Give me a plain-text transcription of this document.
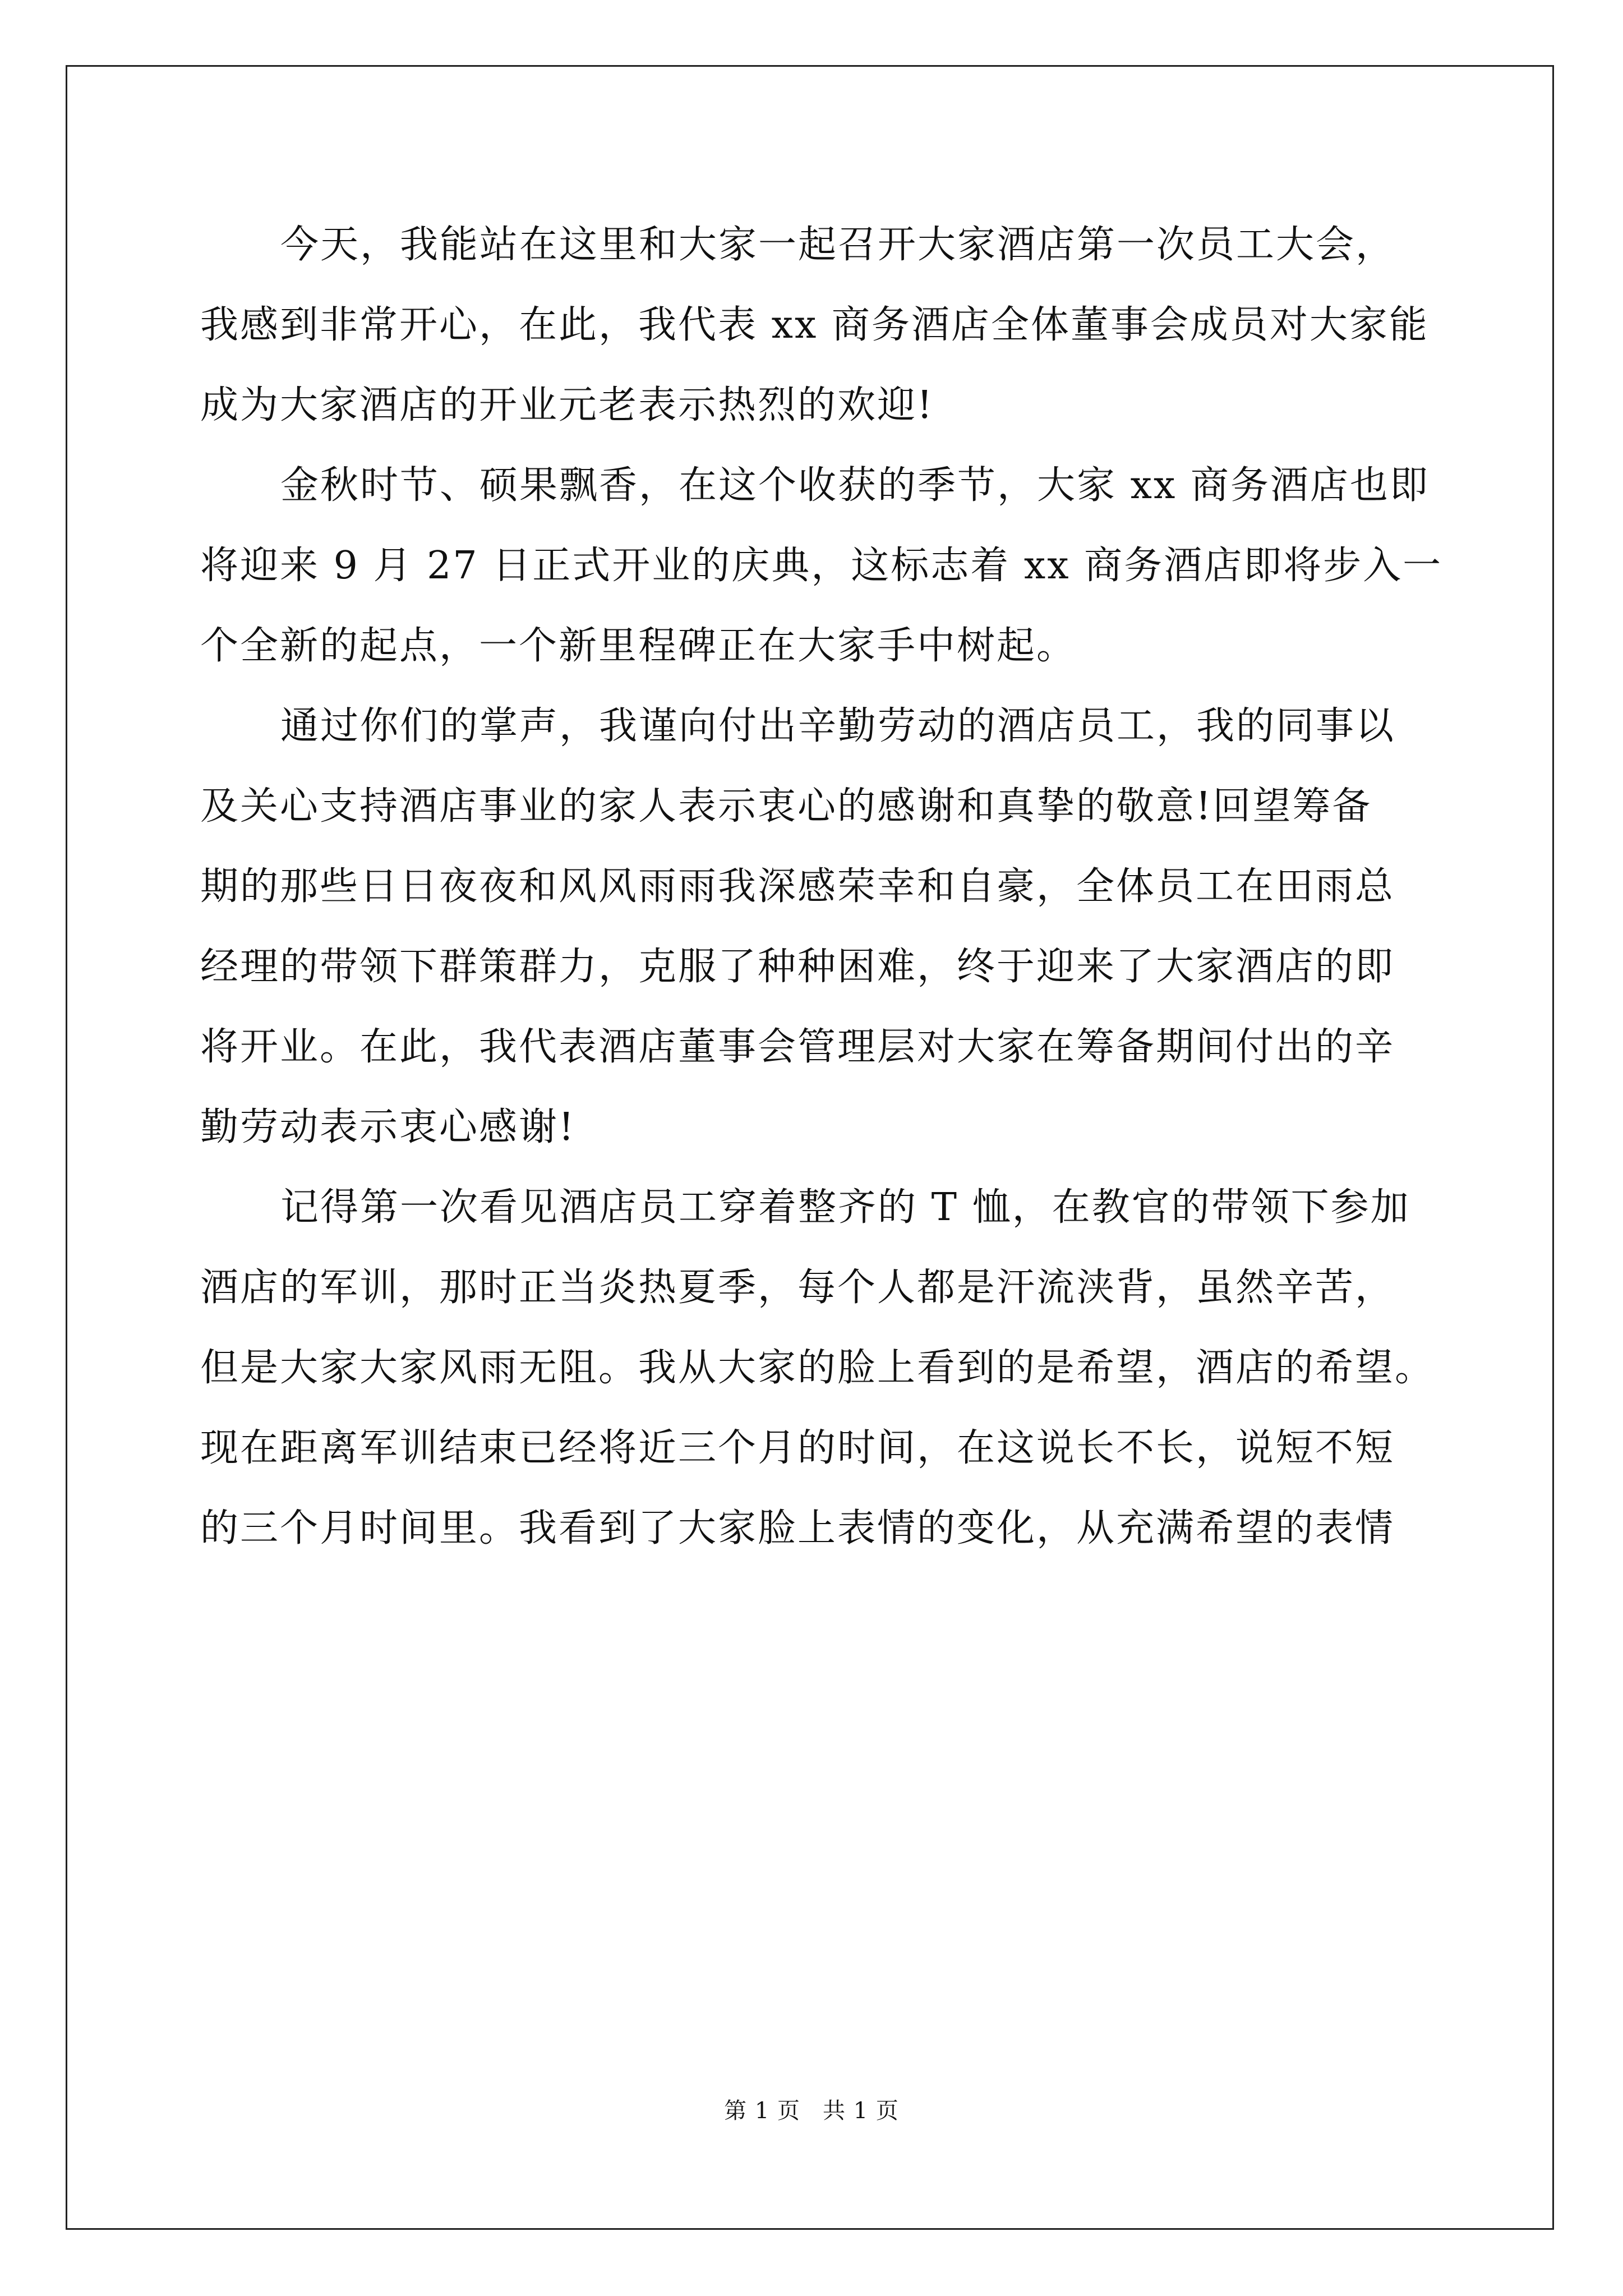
今天，我能站在这里和大家一起召开大家酒店第一次员工大会，

我感到非常开心，在此，我代表 xx 商务酒店全体董事会成员对大家能

成为大家酒店的开业元老表示热烈的欢迎!

金秋时节、硕果飘香，在这个收获的季节，大家 xx 商务酒店也即

将迎来 9 月 27 日正式开业的庆典，这标志着 xx 商务酒店即将步入一

个全新的起点，一个新里程碑正在大家手中树起。

通过你们的掌声，我谨向付出辛勤劳动的酒店员工，我的同事以

及关心支持酒店事业的家人表示衷心的感谢和真挚的敬意!回望筹备

期的那些日日夜夜和风风雨雨我深感荣幸和自豪，全体员工在田雨总

经理的带领下群策群力，克服了种种困难，终于迎来了大家酒店的即

将开业。在此，我代表酒店董事会管理层对大家在筹备期间付出的辛

勤劳动表示衷心感谢!

记得第一次看见酒店员工穿着整齐的 T 恤，在教官的带领下参加

酒店的军训，那时正当炎热夏季，每个人都是汗流浃背，虽然辛苦，

但是大家大家风雨无阻。我从大家的脸上看到的是希望，酒店的希望。

现在距离军训结束已经将近三个月的时间，在这说长不长，说短不短

的三个月时间里。我看到了大家脸上表情的变化，从充满希望的表情

第 1 页 共 1 页
